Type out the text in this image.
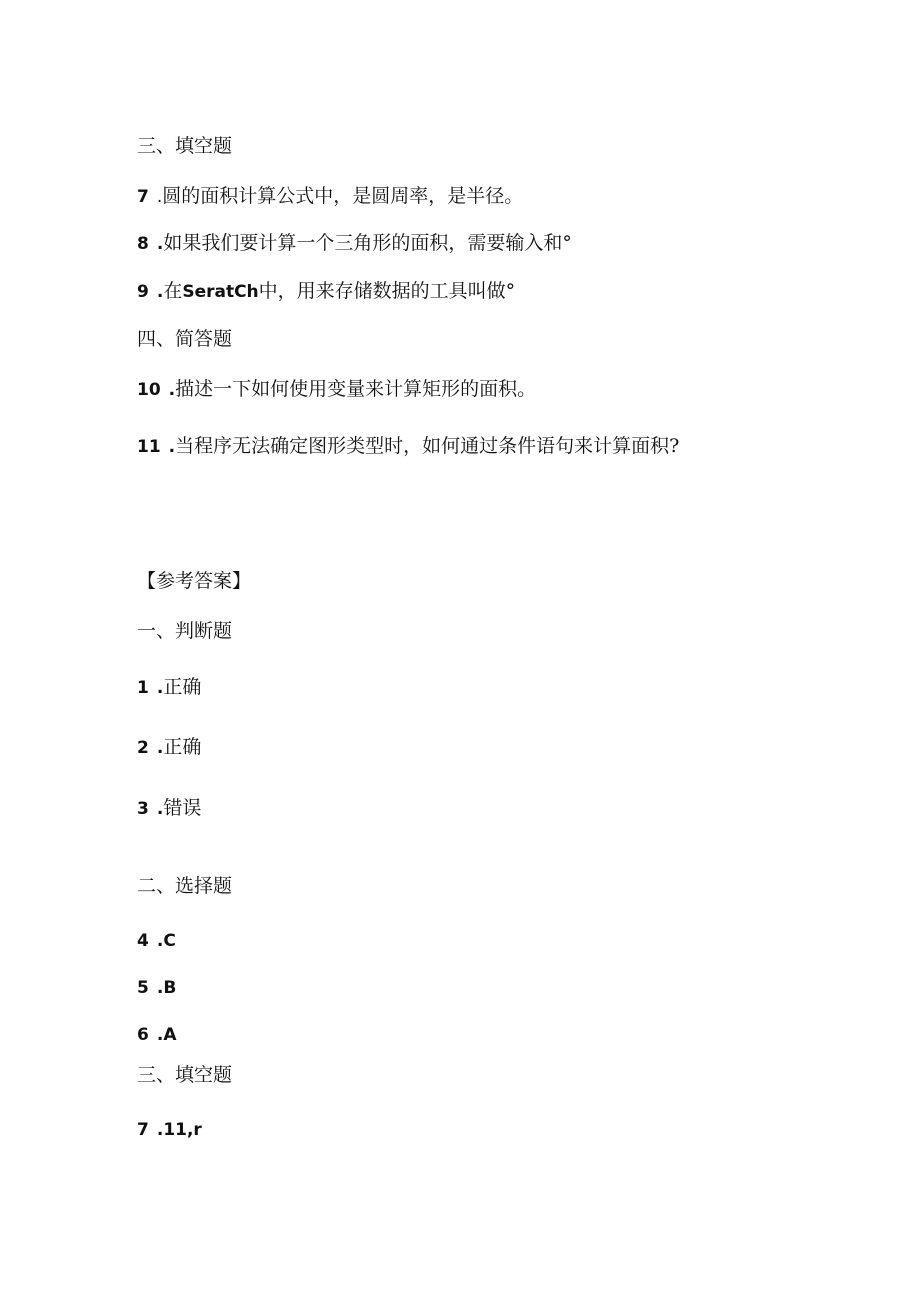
三、填空题
7 .圆的面积计算公式中，是圆周率，是半径。
8 .如果我们要计算一个三角形的面积，需要输入和°
9 .在SeratCh中，用来存储数据的工具叫做°
四、简答题
10 .描述一下如何使用变量来计算矩形的面积。
11 .当程序无法确定图形类型时，如何通过条件语句来计算面积?
【参考答案】
一、判断题
1 .正确
2 .正确
3 .错误
二、选择题
4 .C
5 .B
6 .A
三、填空题
7 .11,r
